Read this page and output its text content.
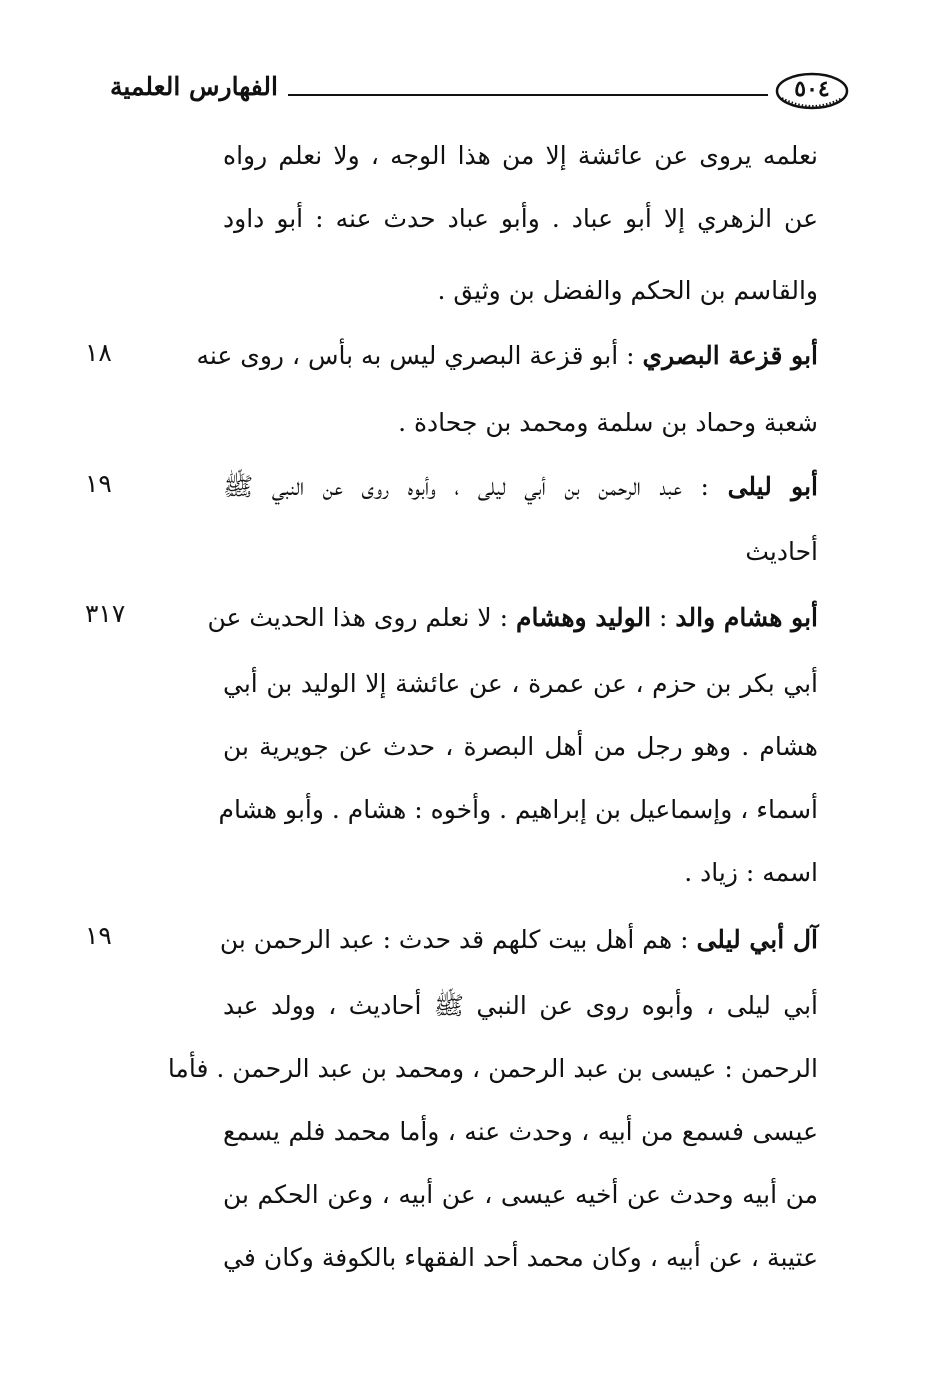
الفهارس العلمية	٥٠٤
نعلمه يروى عن عائشة إلا من هذا الوجه ، ولا نعلم رواه
عن الزهري إلا أبو عباد . وأبو عباد حدث عنه : أبو داود
والقاسم بن الحكم والفضل بن وثيق .
١٨	أبو قزعة البصري : أبو قزعة البصري ليس به بأس ، روى عنه
شعبة وحماد بن سلمة ومحمد بن جحادة .
١٩	أبو ليلى : عبد الرحمن بن أبي ليلى ، وأبوه روى عن النبي ﷺ
أحاديث
٣١٧	أبو هشام والد : الوليد وهشام : لا نعلم روى هذا الحديث عن
أبي بكر بن حزم ، عن عمرة ، عن عائشة إلا الوليد بن أبي
هشام . وهو رجل من أهل البصرة ، حدث عن جويرية بن
أسماء ، وإسماعيل بن إبراهيم . وأخوه : هشام . وأبو هشام
اسمه : زياد .
١٩	آل أبي ليلى : هم أهل بيت كلهم قد حدث : عبد الرحمن بن
أبي ليلى ، وأبوه روى عن النبي ﷺ أحاديث ، وولد عبد
الرحمن : عيسى بن عبد الرحمن ، ومحمد بن عبد الرحمن . فأما
عيسى فسمع من أبيه ، وحدث عنه ، وأما محمد فلم يسمع
من أبيه وحدث عن أخيه عيسى ، عن أبيه ، وعن الحكم بن
عتيبة ، عن أبيه ، وكان محمد أحد الفقهاء بالكوفة وكان في
